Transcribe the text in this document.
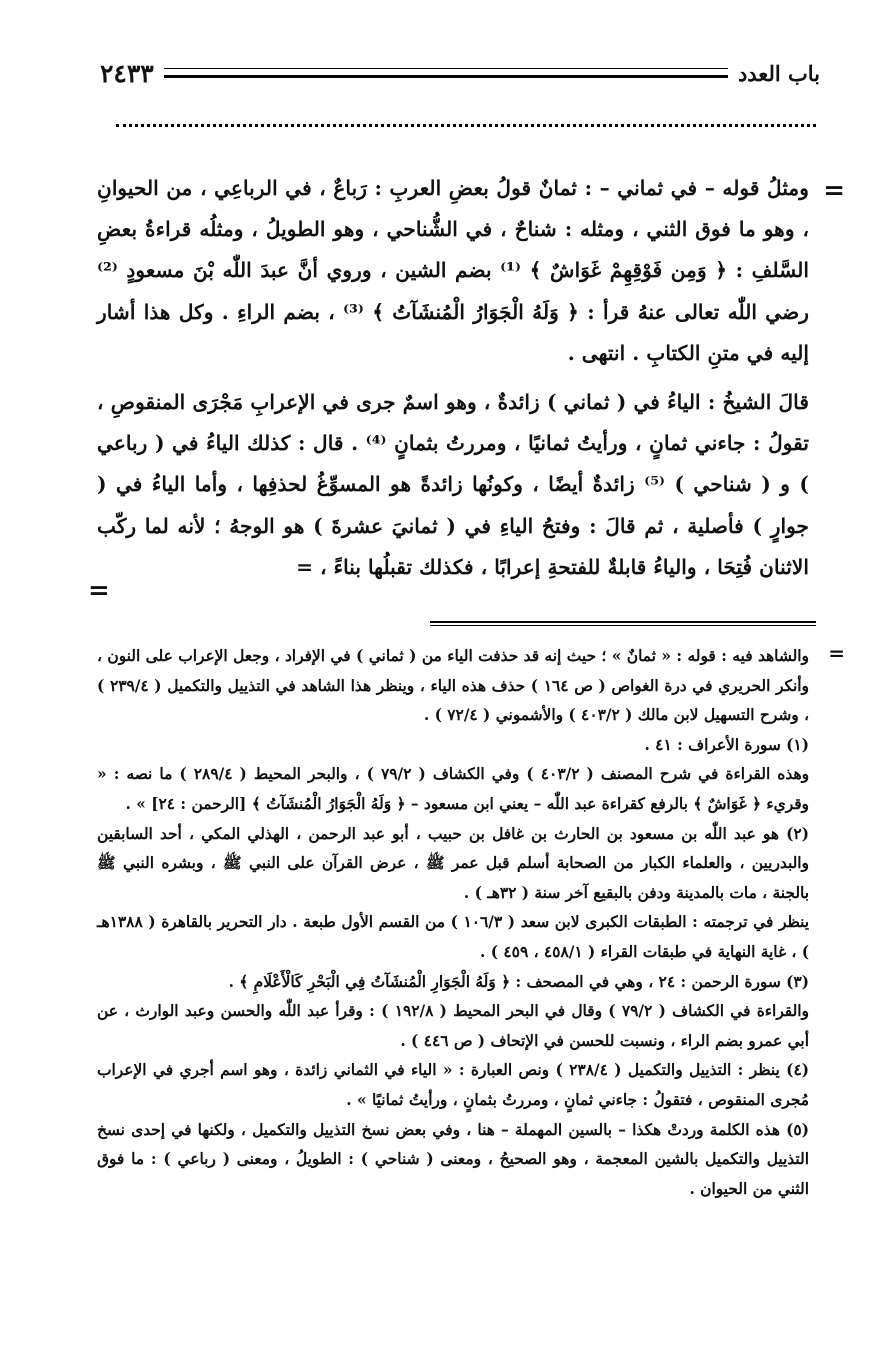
باب العدد
٢٤٣٣
=
=
=

ومثلُ قوله – في ثماني – : ثمانٌ قولُ بعضِ العربِ : رَباعٌ ، في الرباعِي ، من الحيوانِ ، وهو ما فوق الثني ، ومثله : شناحٌ ، في الشُّناحي ، وهو الطويلُ ، ومثلُه قراءةُ بعضِ السَّلفِ : ﴿ وَمِن فَوْقِهِمْ غَوَاشٌ ﴾ ⁽¹⁾ بضم الشين ، وروي أنَّ عبدَ اللّٰه بْنَ مسعودٍ ⁽²⁾ رضي اللّٰه تعالى عنهُ قرأ : ﴿ وَلَهُ الْجَوَارُ الْمُنشَآتُ ﴾ ⁽³⁾ ، بضم الراءِ . وكل هذا أشار إليه في متنِ الكتابِ . انتهى .

قالَ الشيخُ : الياءُ في ( ثماني ) زائدةٌ ، وهو اسمٌ جرى في الإعرابِ مَجْرَى المنقوصِ ، تقولُ : جاءني ثمانٍ ، ورأيتُ ثمانيًا ، ومررتُ بثمانٍ ⁽⁴⁾ . قال : كذلك الياءُ في ( رباعي ) و ( شناحي ) ⁽⁵⁾ زائدةٌ أيضًا ، وكونُها زائدةً هو المسوِّغُ لحذفِها ، وأما الياءُ في ( جوارٍ ) فأصلية ، ثم قالَ : وفتحُ الياءِ في ( ثمانيَ عشرةَ ) هو الوجهُ ؛ لأنه لما ركّب الاثنان فُتِحَا ، والياءُ قابلةٌ للفتحةِ إعرابًا ، فكذلك تقبلُها بناءً ، =

والشاهد فيه : قوله : « ثمانٌ » ؛ حيث إنه قد حذفت الياء من ( ثماني ) في الإفراد ، وجعل الإعراب على النون ، وأنكر الحريري في درة الغواص ( ص ١٦٤ ) حذف هذه الياء ، وينظر هذا الشاهد في التذييل والتكميل ( ٢٣٩/٤ ) ، وشرح التسهيل لابن مالك ( ٤٠٣/٢ ) والأشموني ( ٧٢/٤ ) .

(١) سورة الأعراف : ٤١ .

وهذه القراءة في شرح المصنف ( ٤٠٣/٢ ) وفي الكشاف ( ٧٩/٢ ) ، والبحر المحيط ( ٢٨٩/٤ ) ما نصه : « وقريء ﴿ غَوَاشٌ ﴾ بالرفع كقراءة عبد اللّٰه – يعني ابن مسعود – ﴿ وَلَهُ الْجَوَارُ الْمُنشَآتُ ﴾ [الرحمن : ٢٤] » .

(٢) هو عبد اللّٰه بن مسعود بن الحارث بن غافل بن حبيب ، أبو عبد الرحمن ، الهذلي المكي ، أحد السابقين والبدريين ، والعلماء الكبار من الصحابة أسلم قبل عمر ﷺ ، عرض القرآن على النبي ﷺ ، وبشره النبي ﷺ بالجنة ، مات بالمدينة ودفن بالبقيع آخر سنة ( ٣٢هـ ) .

ينظر في ترجمته : الطبقات الكبرى لابن سعد ( ١٠٦/٣ ) من القسم الأول طبعة . دار التحرير بالقاهرة ( ١٣٨٨هـ ) ، غاية النهاية في طبقات القراء ( ٤٥٨/١ ، ٤٥٩ ) .

(٣) سورة الرحمن : ٢٤ ، وهي في المصحف : ﴿ وَلَهُ الْجَوَارِ الْمُنشَآتُ فِي الْبَحْرِ كَالْأَعْلَامِ ﴾ .

والقراءة في الكشاف ( ٧٩/٢ ) وقال في البحر المحيط ( ١٩٢/٨ ) : وقرأ عبد اللّٰه والحسن وعبد الوارث ، عن أبي عمرو بضم الراء ، ونسبت للحسن في الإتحاف ( ص ٤٤٦ ) .

(٤) ينظر : التذييل والتكميل ( ٢٣٨/٤ ) ونص العبارة : « الياء في الثماني زائدة ، وهو اسم أجري في الإعراب مُجرى المنقوص ، فتقولُ : جاءني ثمانٍ ، ومررتُ بثمانٍ ، ورأيتُ ثمانيًا » .

(٥) هذه الكلمة وردتْ هكذا – بالسين المهملة – هنا ، وفي بعض نسخ التذييل والتكميل ، ولكنها في إحدى نسخ التذييل والتكميل بالشين المعجمة ، وهو الصحيحُ ، ومعنى ( شناحي ) : الطويلُ ، ومعنى ( رباعي ) : ما فوق الثني من الحيوان .
